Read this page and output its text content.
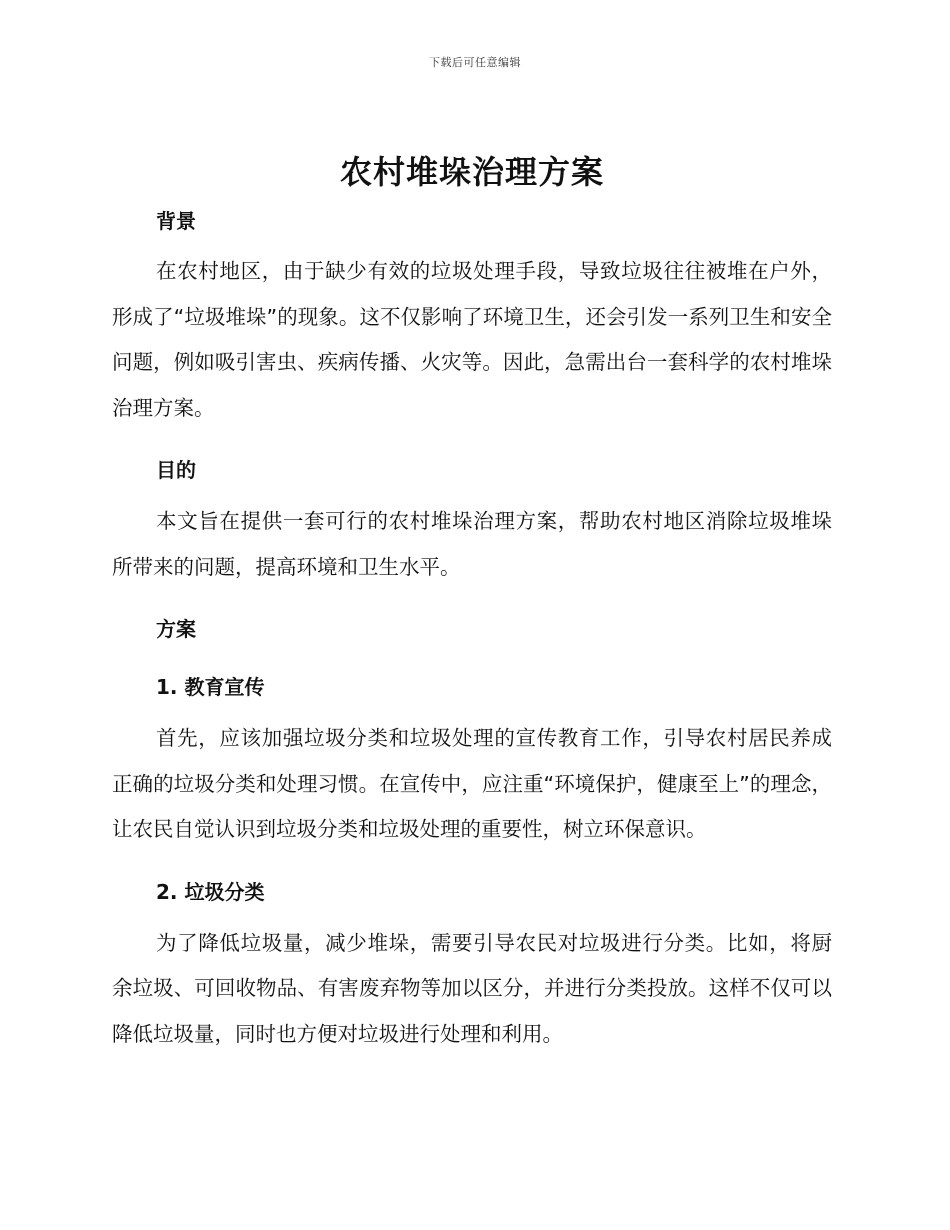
下载后可任意编辑
农村堆垛治理方案
背景

在农村地区，由于缺少有效的垃圾处理手段，导致垃圾往往被堆在户外，形成了“垃圾堆垛”的现象。这不仅影响了环境卫生，还会引发一系列卫生和安全问题，例如吸引害虫、疾病传播、火灾等。因此，急需出台一套科学的农村堆垛治理方案。

目的

本文旨在提供一套可行的农村堆垛治理方案，帮助农村地区消除垃圾堆垛所带来的问题，提高环境和卫生水平。

方案
1. 教育宣传

首先，应该加强垃圾分类和垃圾处理的宣传教育工作，引导农村居民养成正确的垃圾分类和处理习惯。在宣传中，应注重“环境保护，健康至上”的理念，让农民自觉认识到垃圾分类和垃圾处理的重要性，树立环保意识。

2. 垃圾分类

为了降低垃圾量，减少堆垛，需要引导农民对垃圾进行分类。比如，将厨余垃圾、可回收物品、有害废弃物等加以区分，并进行分类投放。这样不仅可以降低垃圾量，同时也方便对垃圾进行处理和利用。
